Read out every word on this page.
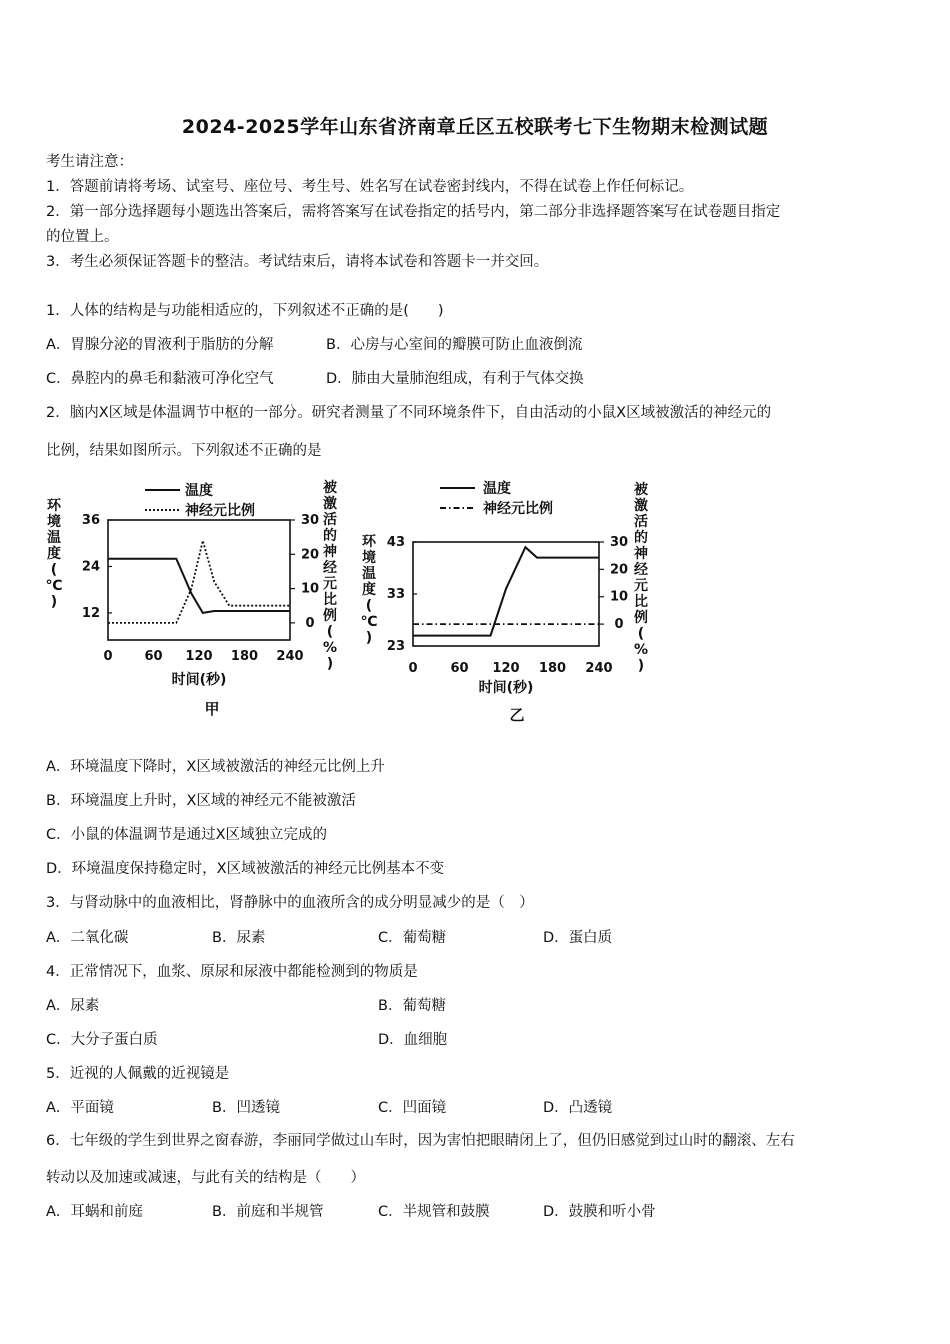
2024-2025学年山东省济南章丘区五校联考七下生物期末检测试题
考生请注意：
1．答题前请将考场、试室号、座位号、考生号、姓名写在试卷密封线内，不得在试卷上作任何标记。
2．第一部分选择题每小题选出答案后，需将答案写在试卷指定的括号内，第二部分非选择题答案写在试卷题目指定
的位置上。
3．考生必须保证答题卡的整洁。考试结束后，请将本试卷和答题卡一并交回。
1．人体的结构是与功能相适应的，下列叙述不正确的是(　　)
A．胃腺分泌的胃液利于脂肪的分解	B．心房与心室间的瓣膜可防止血液倒流
C．鼻腔内的鼻毛和黏液可净化空气	D．肺由大量肺泡组成，有利于气体交换
2．脑内X区域是体温调节中枢的一部分。研究者测量了不同环境条件下，自由活动的小鼠X区域被激活的神经元的
比例，结果如图所示。下列叙述不正确的是
温度
神经元比例
0 60 120 180 240
时间(秒)
甲
36
24
12
30
20
10
0
环
境
温
度
(
℃
)
被
激
活
的
神
经
元
比
例
(
%
)
温度
神经元比例
0	60 120 180 240
时间(秒)
乙
43
33
23
30
20
10
0
环
境
温
度
(
℃
)
被
激
活
的
神
经
元
比
例
(
%
)
A．环境温度下降时，X区域被激活的神经元比例上升
B．环境温度上升时，X区域的神经元不能被激活
C．小鼠的体温调节是通过X区域独立完成的
D．环境温度保持稳定时，X区域被激活的神经元比例基本不变
3．与肾动脉中的血液相比，肾静脉中的血液所含的成分明显减少的是（　）
A．二氧化碳	B．尿素	C．葡萄糖	D．蛋白质
4．正常情况下，血浆、原尿和尿液中都能检测到的物质是
A．尿素	B．葡萄糖
C．大分子蛋白质	D．血细胞
5．近视的人佩戴的近视镜是
A．平面镜	B．凹透镜	C．凹面镜	D．凸透镜
6．七年级的学生到世界之窗春游，李丽同学做过山车时，因为害怕把眼睛闭上了，但仍旧感觉到过山时的翻滚、左右
转动以及加速或减速，与此有关的结构是（　　）
A．耳蜗和前庭	B．前庭和半规管	C．半规管和鼓膜	D．鼓膜和听小骨
